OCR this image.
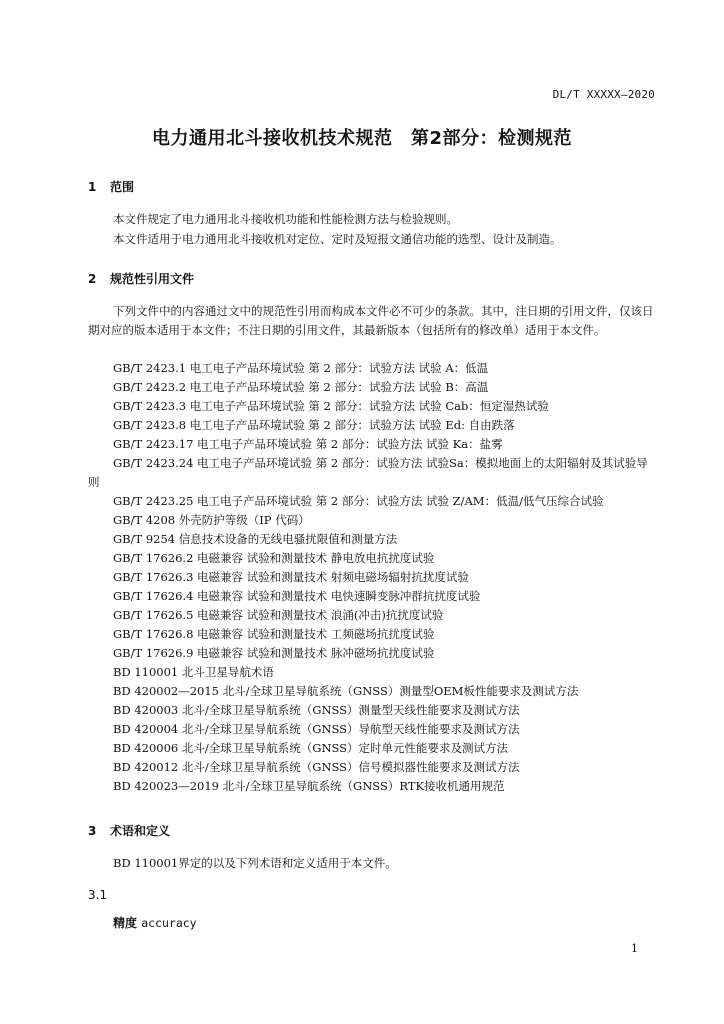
DL/T XXXXX—2020
电力通用北斗接收机技术规范　第2部分：检测规范
1 范围
本文件规定了电力通用北斗接收机功能和性能检测方法与检验规则。
本文件适用于电力通用北斗接收机对定位、定时及短报文通信功能的选型、设计及制造。
2 规范性引用文件
下列文件中的内容通过文中的规范性引用而构成本文件必不可少的条款。其中，注日期的引用文件，仅该日期对应的版本适用于本文件；不注日期的引用文件，其最新版本（包括所有的修改单）适用于本文件。
GB/T 2423.1 电工电子产品环境试验 第 2 部分：试验方法 试验 A：低温
GB/T 2423.2 电工电子产品环境试验 第 2 部分：试验方法 试验 B：高温
GB/T 2423.3 电工电子产品环境试验 第 2 部分：试验方法 试验 Cab：恒定湿热试验
GB/T 2423.8 电工电子产品环境试验 第 2 部分：试验方法 试验 Ed: 自由跌落
GB/T 2423.17 电工电子产品环境试验 第 2 部分：试验方法 试验 Ka：盐雾
GB/T 2423.24 电工电子产品环境试验 第 2 部分：试验方法 试验Sa：模拟地面上的太阳辐射及其试验导则
GB/T 2423.25 电工电子产品环境试验 第 2 部分：试验方法 试验 Z/AM：低温/低气压综合试验
GB/T 4208 外壳防护等级（IP 代码）
GB/T 9254 信息技术设备的无线电骚扰限值和测量方法
GB/T 17626.2 电磁兼容 试验和测量技术 静电放电抗扰度试验
GB/T 17626.3 电磁兼容 试验和测量技术 射频电磁场辐射抗扰度试验
GB/T 17626.4 电磁兼容 试验和测量技术 电快速瞬变脉冲群抗扰度试验
GB/T 17626.5 电磁兼容 试验和测量技术 浪涌(冲击)抗扰度试验
GB/T 17626.8 电磁兼容 试验和测量技术 工频磁场抗扰度试验
GB/T 17626.9 电磁兼容 试验和测量技术 脉冲磁场抗扰度试验
BD 110001 北斗卫星导航术语
BD 420002—2015 北斗/全球卫星导航系统（GNSS）测量型OEM板性能要求及测试方法
BD 420003 北斗/全球卫星导航系统（GNSS）测量型天线性能要求及测试方法
BD 420004 北斗/全球卫星导航系统（GNSS）导航型天线性能要求及测试方法
BD 420006 北斗/全球卫星导航系统（GNSS）定时单元性能要求及测试方法
BD 420012 北斗/全球卫星导航系统（GNSS）信号模拟器性能要求及测试方法
BD 420023—2019 北斗/全球卫星导航系统（GNSS）RTK接收机通用规范
3 术语和定义
BD 110001界定的以及下列术语和定义适用于本文件。
3.1
精度 accuracy
1
